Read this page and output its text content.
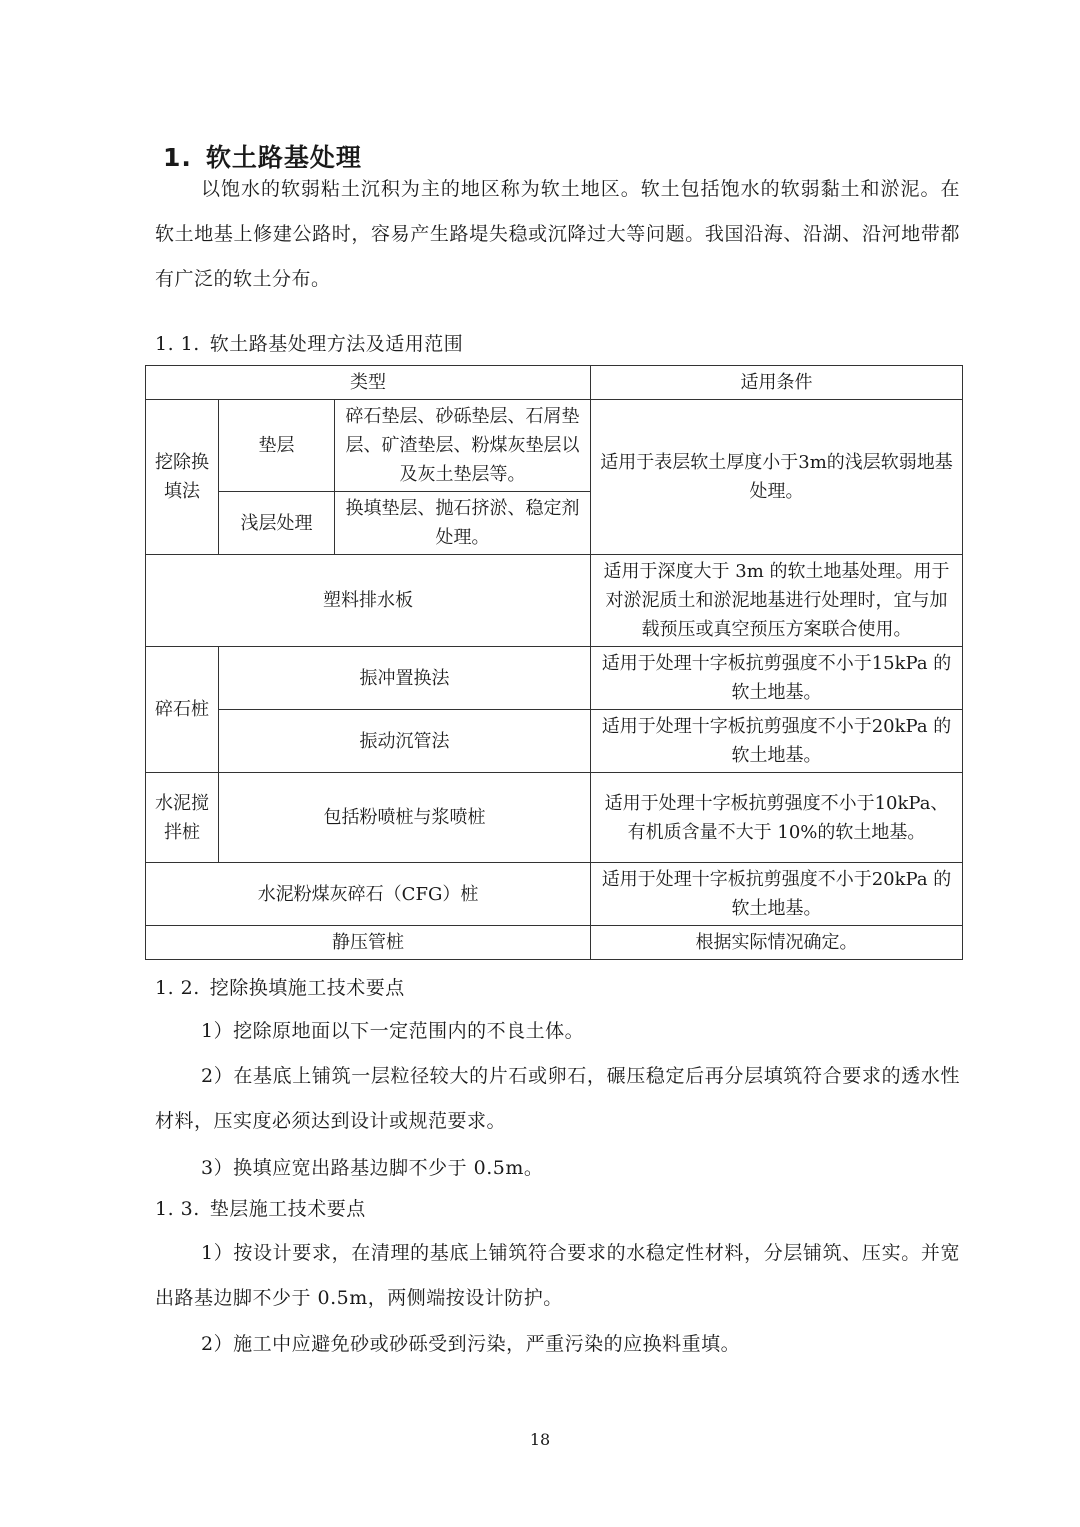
1. 软土路基处理

以饱水的软弱粘土沉积为主的地区称为软土地区。软土包括饱水的软弱黏土和淤泥。在软土地基上修建公路时，容易产生路堤失稳或沉降过大等问题。我国沿海、沿湖、沿河地带都有广泛的软土分布。

1. 1. 软土路基处理方法及适用范围
类型			适用条件
挖除换填法	垫层	碎石垫层、砂砾垫层、石屑垫层、矿渣垫层、粉煤灰垫层以及灰土垫层等。	适用于表层软土厚度小于3m的浅层软弱地基处理。
	浅层处理	换填垫层、抛石挤淤、稳定剂处理。	
塑料排水板			适用于深度大于 3m 的软土地基处理。用于对淤泥质土和淤泥地基进行处理时，宜与加载预压或真空预压方案联合使用。
碎石桩	振冲置换法		适用于处理十字板抗剪强度不小于15kPa 的软土地基。
	振动沉管法		适用于处理十字板抗剪强度不小于20kPa 的软土地基。
水泥搅拌桩	包括粉喷桩与浆喷桩		适用于处理十字板抗剪强度不小于10kPa、有机质含量不大于 10%的软土地基。
水泥粉煤灰碎石（CFG）桩			适用于处理十字板抗剪强度不小于20kPa 的软土地基。
静压管桩			根据实际情况确定。
1. 2. 挖除换填施工技术要点
1）挖除原地面以下一定范围内的不良土体。

2）在基底上铺筑一层粒径较大的片石或卵石，碾压稳定后再分层填筑符合要求的透水性材料，压实度必须达到设计或规范要求。

3）换填应宽出路基边脚不少于 0.5m。
1. 3. 垫层施工技术要点

1）按设计要求，在清理的基底上铺筑符合要求的水稳定性材料，分层铺筑、压实。并宽出路基边脚不少于 0.5m，两侧端按设计防护。

2）施工中应避免砂或砂砾受到污染，严重污染的应换料重填。
18
